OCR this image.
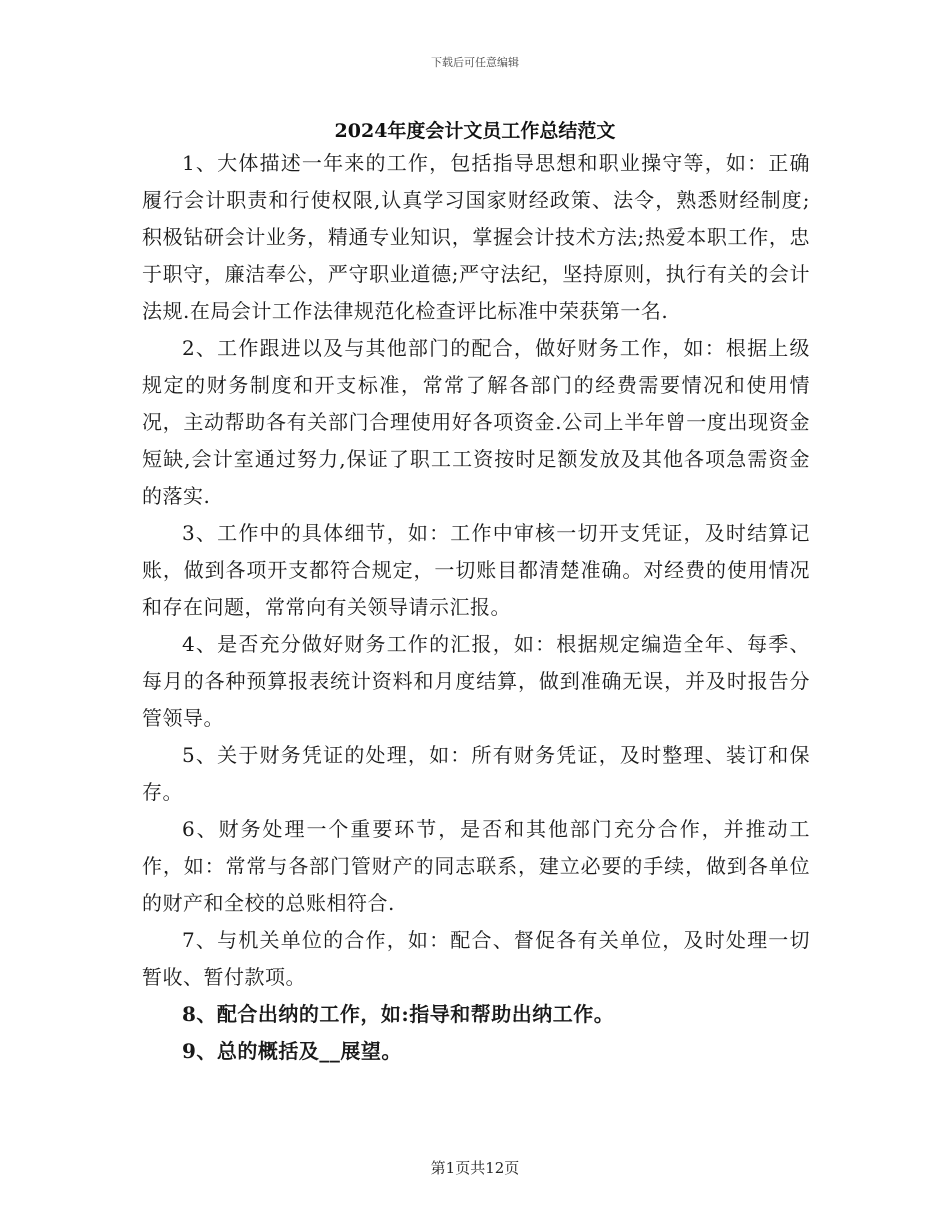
下载后可任意编辑
2024年度会计文员工作总结范文

1、大体描述一年来的工作，包括指导思想和职业操守等，如：正确履行会计职责和行使权限,认真学习国家财经政策、法令，熟悉财经制度;积极钻研会计业务，精通专业知识，掌握会计技术方法;热爱本职工作，忠于职守，廉洁奉公，严守职业道德;严守法纪，坚持原则，执行有关的会计法规.在局会计工作法律规范化检查评比标准中荣获第一名.

2、工作跟进以及与其他部门的配合，做好财务工作，如：根据上级规定的财务制度和开支标准，常常了解各部门的经费需要情况和使用情况，主动帮助各有关部门合理使用好各项资金.公司上半年曾一度出现资金短缺,会计室通过努力,保证了职工工资按时足额发放及其他各项急需资金的落实.

3、工作中的具体细节，如：工作中审核一切开支凭证，及时结算记账，做到各项开支都符合规定，一切账目都清楚准确。对经费的使用情况和存在问题，常常向有关领导请示汇报。

4、是否充分做好财务工作的汇报，如：根据规定编造全年、每季、每月的各种预算报表统计资料和月度结算，做到准确无误，并及时报告分管领导。

5、关于财务凭证的处理，如：所有财务凭证，及时整理、装订和保存。

6、财务处理一个重要环节，是否和其他部门充分合作，并推动工作，如：常常与各部门管财产的同志联系，建立必要的手续，做到各单位的财产和全校的总账相符合.

7、与机关单位的合作，如：配合、督促各有关单位，及时处理一切暂收、暂付款项。

8、配合出纳的工作，如:指导和帮助出纳工作。

9、总的概括及__展望。

第1页共12页
